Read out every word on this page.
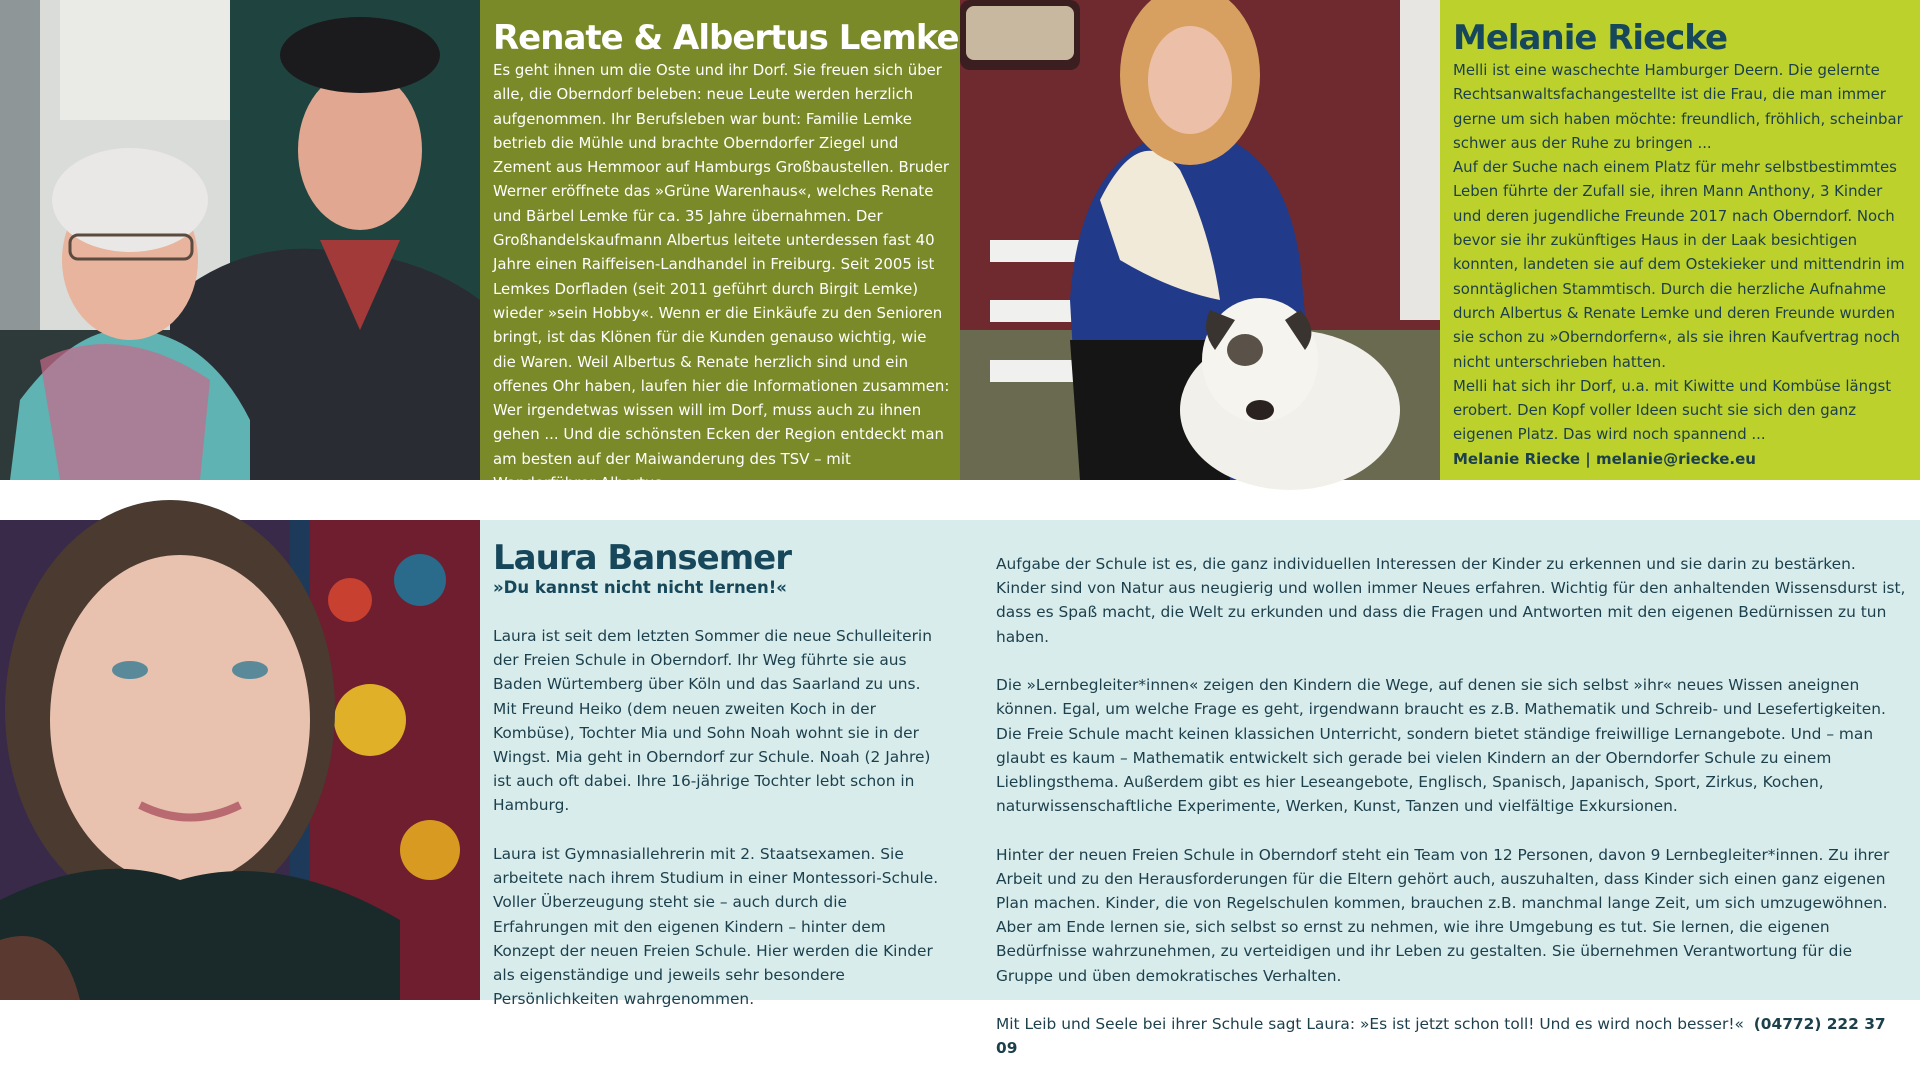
Renate & Albertus Lemke
Es geht ihnen um die Oste und ihr Dorf. Sie freuen sich über alle, die Oberndorf beleben: neue Leute werden herzlich aufgenommen. Ihr Berufsleben war bunt: Familie Lemke betrieb die Mühle und brachte Oberndorfer Ziegel und Zement aus Hemmoor auf Hamburgs Großbaustellen. Bruder Werner eröffnete das »Grüne Warenhaus«, welches Renate und Bärbel Lemke für ca. 35 Jahre übernahmen. Der Großhandelskaufmann Albertus leitete unterdessen fast 40 Jahre einen Raiffeisen-Landhandel in Freiburg. Seit 2005 ist Lemkes Dorfladen (seit 2011 geführt durch Birgit Lemke) wieder »sein Hobby«. Wenn er die Einkäufe zu den Senioren bringt, ist das Klönen für die Kunden genauso wichtig, wie die Waren. Weil Albertus & Renate herzlich sind und ein offenes Ohr haben, laufen hier die Informationen zusammen: Wer irgendetwas wissen will im Dorf, muss auch zu ihnen gehen ... Und die schönsten Ecken der Region entdeckt man am besten auf der Maiwanderung des TSV – mit Wanderführer Albertus.
Melanie Riecke
Melli ist eine waschechte Hamburger Deern. Die gelernte Rechtsanwaltsfachangestellte ist die Frau, die man immer gerne um sich haben möchte: freundlich, fröhlich, scheinbar schwer aus der Ruhe zu bringen ...
Auf der Suche nach einem Platz für mehr selbstbestimmtes Leben führte der Zufall sie, ihren Mann Anthony, 3 Kinder und deren jugendliche Freunde 2017 nach Oberndorf. Noch bevor sie ihr zukünftiges Haus in der Laak besichtigen konnten, landeten sie auf dem Ostekieker und mittendrin im sonntäglichen Stammtisch. Durch die herzliche Aufnahme durch Albertus & Renate Lemke und deren Freunde wurden sie schon zu »Oberndorfern«, als sie ihren Kaufvertrag noch nicht unterschrieben hatten.
Melli hat sich ihr Dorf, u.a. mit Kiwitte und Kombüse längst erobert. Den Kopf voller Ideen sucht sie sich den ganz eigenen Platz. Das wird noch spannend ...
Melanie Riecke | melanie@riecke.eu
Laura Bansemer
»Du kannst nicht nicht lernen!«

Laura ist seit dem letzten Sommer die neue Schulleiterin der Freien Schule in Oberndorf. Ihr Weg führte sie aus Baden Würtemberg über Köln und das Saarland zu uns. Mit Freund Heiko (dem neuen zweiten Koch in der Kombüse), Tochter Mia und Sohn Noah wohnt sie in der Wingst. Mia geht in Oberndorf zur Schule. Noah (2 Jahre) ist auch oft dabei. Ihre 16-jährige Tochter lebt schon in Hamburg.

Laura ist Gymnasiallehrerin mit 2. Staatsexamen. Sie arbeitete nach ihrem Studium in einer Montessori-Schule. Voller Überzeugung steht sie – auch durch die Erfahrungen mit den eigenen Kindern – hinter dem Konzept der neuen Freien Schule. Hier werden die Kinder als eigenständige und jeweils sehr besondere Persönlichkeiten wahrgenommen.

Aufgabe der Schule ist es, die ganz individuellen Interessen der Kinder zu erkennen und sie darin zu bestärken. Kinder sind von Natur aus neugierig und wollen immer Neues erfahren. Wichtig für den anhaltenden Wissensdurst ist, dass es Spaß macht, die Welt zu erkunden und dass die Fragen und Antworten mit den eigenen Bedürnissen zu tun haben.

Die »Lernbegleiter*innen« zeigen den Kindern die Wege, auf denen sie sich selbst »ihr« neues Wissen aneignen können. Egal, um welche Frage es geht, irgendwann braucht es z.B. Mathematik und Schreib- und Lesefertigkeiten. Die Freie Schule macht keinen klassichen Unterricht, sondern bietet ständige freiwillige Lernangebote. Und – man glaubt es kaum – Mathematik entwickelt sich gerade bei vielen Kindern an der Oberndorfer Schule zu einem Lieblingsthema. Außerdem gibt es hier Leseangebote, Englisch, Spanisch, Japanisch, Sport, Zirkus, Kochen, naturwissenschaftliche Experimente, Werken, Kunst, Tanzen und vielfältige Exkursionen.

Hinter der neuen Freien Schule in Oberndorf steht ein Team von 12 Personen, davon 9 Lernbegleiter*innen. Zu ihrer Arbeit und zu den Herausforderungen für die Eltern gehört auch, auszuhalten, dass Kinder sich einen ganz eigenen Plan machen. Kinder, die von Regelschulen kommen, brauchen z.B. manchmal lange Zeit, um sich umzugewöhnen. Aber am Ende lernen sie, sich selbst so ernst zu nehmen, wie ihre Umgebung es tut. Sie lernen, die eigenen Bedürfnisse wahrzunehmen, zu verteidigen und ihr Leben zu gestalten. Sie übernehmen Verantwortung für die Gruppe und üben demokratisches Verhalten.

Mit Leib und Seele bei ihrer Schule sagt Laura: »Es ist jetzt schon toll! Und es wird noch besser!« (04772) 222 37 09
